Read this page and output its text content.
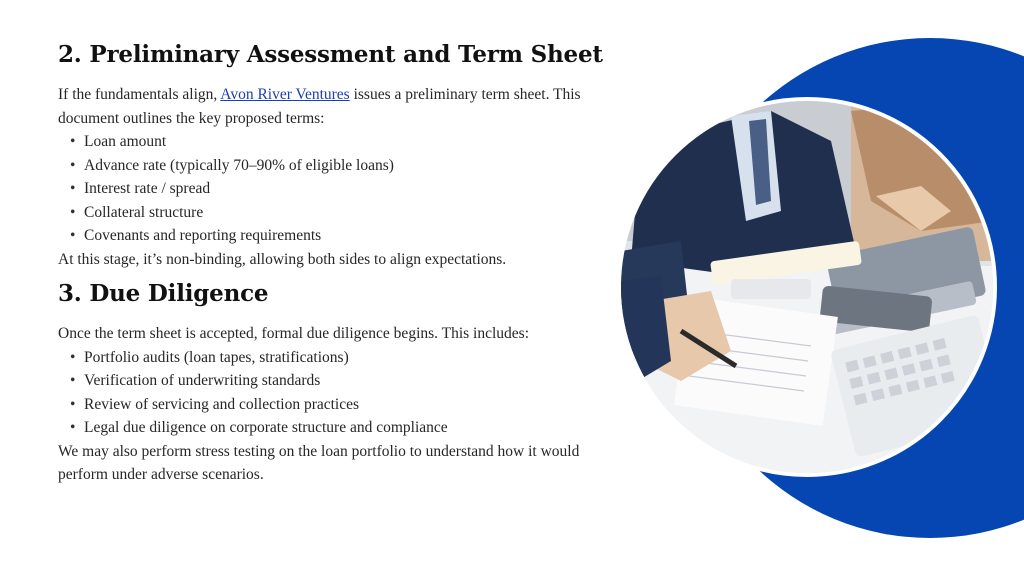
2. Preliminary Assessment and Term Sheet

If the fundamentals align, Avon River Ventures issues a preliminary term sheet. This document outlines the key proposed terms:

• Loan amount
• Advance rate (typically 70–90% of eligible loans)
• Interest rate / spread
• Collateral structure
• Covenants and reporting requirements

At this stage, it’s non-binding, allowing both sides to align expectations.

3. Due Diligence

Once the term sheet is accepted, formal due diligence begins. This includes:

• Portfolio audits (loan tapes, stratifications)
• Verification of underwriting standards
• Review of servicing and collection practices
• Legal due diligence on corporate structure and compliance

We may also perform stress testing on the loan portfolio to understand how it would perform under adverse scenarios.
